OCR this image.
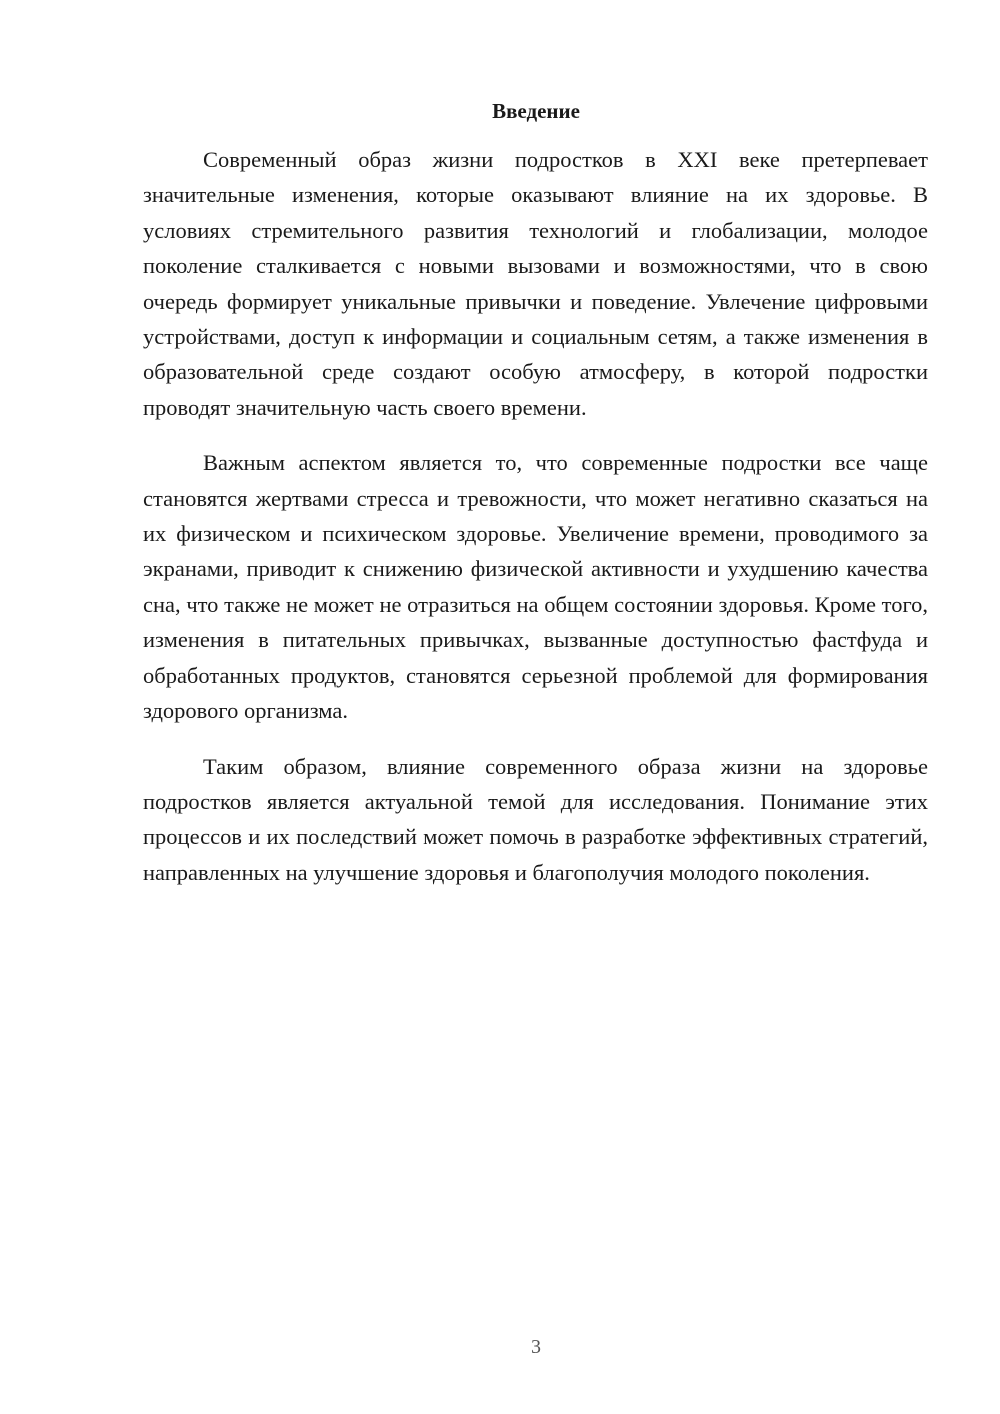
Введение

Современный образ жизни подростков в XXI веке претерпевает значительные изменения, которые оказывают влияние на их здоровье. В условиях стремительного развития технологий и глобализации, молодое поколение сталкивается с новыми вызовами и возможностями, что в свою очередь формирует уникальные привычки и поведение. Увлечение цифровыми устройствами, доступ к информации и социальным сетям, а также изменения в образовательной среде создают особую атмосферу, в которой подростки проводят значительную часть своего времени.

Важным аспектом является то, что современные подростки все чаще становятся жертвами стресса и тревожности, что может негативно сказаться на их физическом и психическом здоровье. Увеличение времени, проводимого за экранами, приводит к снижению физической активности и ухудшению качества сна, что также не может не отразиться на общем состоянии здоровья. Кроме того, изменения в питательных привычках, вызванные доступностью фастфуда и обработанных продуктов, становятся серьезной проблемой для формирования здорового организма.

Таким образом, влияние современного образа жизни на здоровье подростков является актуальной темой для исследования. Понимание этих процессов и их последствий может помочь в разработке эффективных стратегий, направленных на улучшение здоровья и благополучия молодого поколения.

3
